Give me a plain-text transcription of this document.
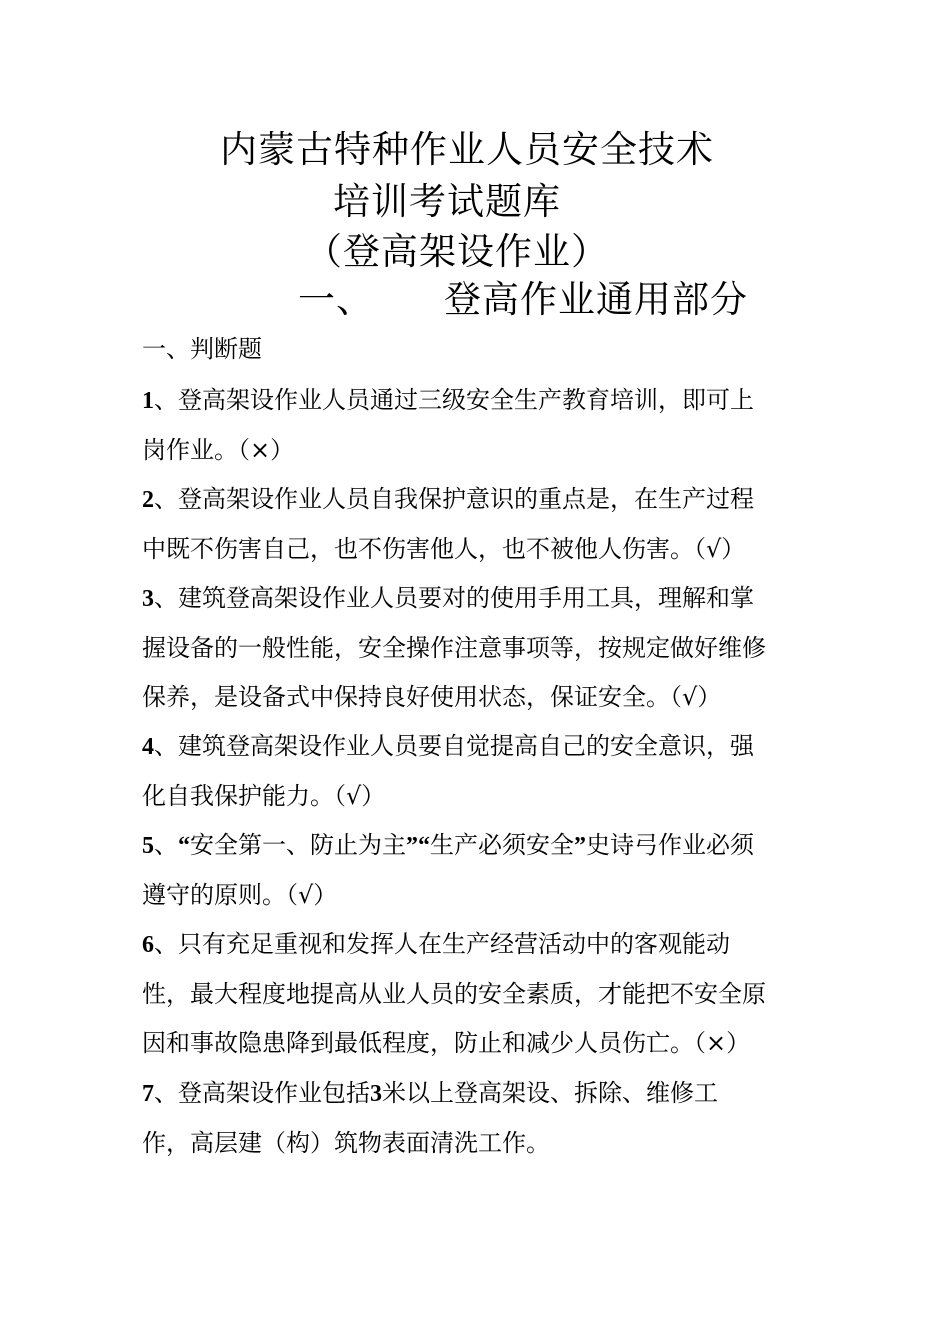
内蒙古特种作业人员安全技术
培训考试题库
（登高架设作业）
一、 登高作业通用部分
一、判断题
1、登高架设作业人员通过三级安全生产教育培训，即可上
岗作业。（×）
2、登高架设作业人员自我保护意识的重点是，在生产过程
中既不伤害自己，也不伤害他人，也不被他人伤害。（√）
3、建筑登高架设作业人员要对的使用手用工具，理解和掌
握设备的一般性能，安全操作注意事项等，按规定做好维修
保养，是设备式中保持良好使用状态，保证安全。（√）
4、建筑登高架设作业人员要自觉提高自己的安全意识，强
化自我保护能力。（√）
5、“安全第一、防止为主”“生产必须安全”史诗弓作业必须
遵守的原则。（√）
6、只有充足重视和发挥人在生产经营活动中的客观能动
性，最大程度地提高从业人员的安全素质，才能把不安全原
因和事故隐患降到最低程度，防止和减少人员伤亡。（×）
7、登高架设作业包括3米以上登高架设、拆除、维修工
作，高层建（构）筑物表面清洗工作。
